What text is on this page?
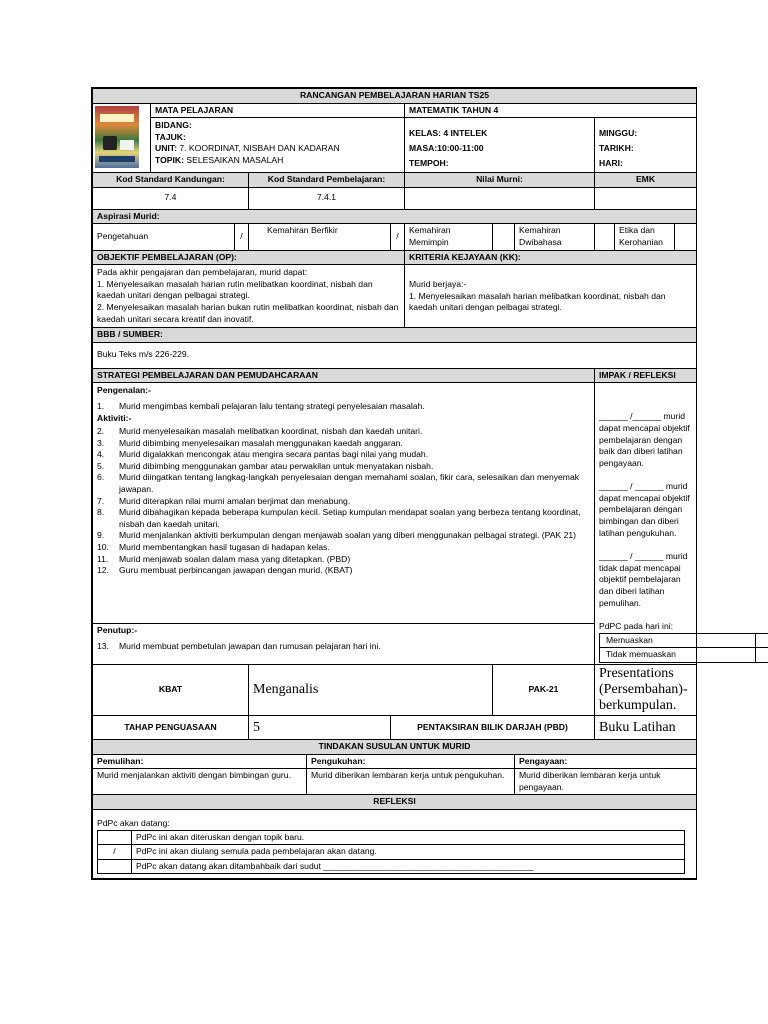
RANCANGAN PEMBELAJARAN HARIAN TS25

	MATA PELAJARAN	MATEMATIK TAHUN 4

BIDANG:
TAJUK:
UNIT: 7. KOORDINAT, NISBAH DAN KADARAN
TOPIK: SELESAIKAN MASALAH

KELAS: 4 INTELEK
MASA:10:00-11:00
TEMPOH:

MINGGU:
TARIKH:
HARI:

Kod Standard Kandungan:	Kod Standard Pembelajaran:	Nilai Murni:	EMK
7.4	7.4.1		
Aspirasi Murid:
Pengetahuan	/	Kemahiran Berfikir	/	Kemahiran Memimpin		Kemahiran Dwibahasa		Etika dan Kerohanian	
OBJEKTIF PEMBELAJARAN (OP):	KRITERIA KEJAYAAN (KK):

Pada akhir pengajaran dan pembelajaran, murid dapat:
1. Menyelesaikan masalah harian rutin melibatkan koordinat, nisbah dan kaedah unitari dengan pelbagai strategi.
2. Menyelesaikan masalah harian bukan rutin melibatkan koordinat, nisbah dan kaedah unitari secara kreatif dan inovatif.

Murid berjaya:-
1. Menyelesaikan masalah harian melibatkan koordinat, nisbah dan kaedah unitari dengan pelbagai strategi.

BBB / SUMBER:
Buku Teks m/s 226-229.
STRATEGI PEMBELAJARAN DAN PEMUDAHCARAAN	IMPAK / REFLEKSI

Pengenalan:-
1.	Murid mengimbas kembali pelajaran lalu tentang strategi penyelesaian masalah.
Aktiviti:-
2.	Murid menyelesaikan masalah melibatkan koordinat, nisbah dan kaedah unitari.
3.	Murid dibimbing menyelesaikan masalah menggunakan kaedah anggaran.
4.	Murid digalakkan mencongak atau mengira secara pantas bagi nilai yang mudah.
5.	Murid dibimbing menggunakan gambar atau perwakilan untuk menyatakan nisbah.
6.	Murid diingatkan tentang langkag-langkah penyelesaian dengan memahami soalan, fikir cara, selesaikan dan menyemak jawapan.
7.	Murid diterapkan nilai murni amalan berjimat dan menabung.
8.	Murid dibahagikan kepada beberapa kumpulan kecil. Setiap kumpulan mendapat soalan yang berbeza tentang koordinat, nisbah dan kaedah unitari.
9.	Murid menjalankan aktiviti berkumpulan dengan menjawab soalan yang diberi menggunakan pelbagai strategi. (PAK 21)
10.	Murid membentangkan hasil tugasan di hadapan kelas.
11.	Murid menjawab soalan dalam masa yang ditetapkan. (PBD)
12.	Guru membuat perbincangan jawapan dengan murid. (KBAT)

______ /______ murid dapat mencapai objektif pembelajaran dengan baik dan diberi latihan pengayaan.
______ / ______ murid dapat mencapai objektif pembelajaran dengan bimbingan dan diberi latihan pengukuhan.
______ / ______ murid tidak dapat mencapai objektif pembelajaran dan diberi latihan pemulihan.
PdPC pada hari ini:
Memuaskan	
Tidak memuaskan	

Penutup:-
13.	Murid membuat pembetulan jawapan dan rumusan pelajaran hari ini.

KBAT	Menganalis	PAK-21	Presentations (Persembahan)-berkumpulan.
TAHAP PENGUASAAN	5	PENTAKSIRAN BILIK DARJAH (PBD)	Buku Latihan
TINDAKAN SUSULAN UNTUK MURID
Pemulihan:	Pengukuhan:	Pengayaan:
Murid menjalankan aktiviti dengan bimbingan guru.	Murid diberikan lembaran kerja untuk pengukuhan.	Murid diberikan lembaran kerja untuk pengayaan.
REFLEKSI

PdPc akan datang:
	PdPc ini akan diteruskan dengan topik baru.
/	PdPc ini akan diulang semula pada pembelajaran akan datang.
	PdPc akan datang akan ditambahbaik dari sudut ____________________________________________
